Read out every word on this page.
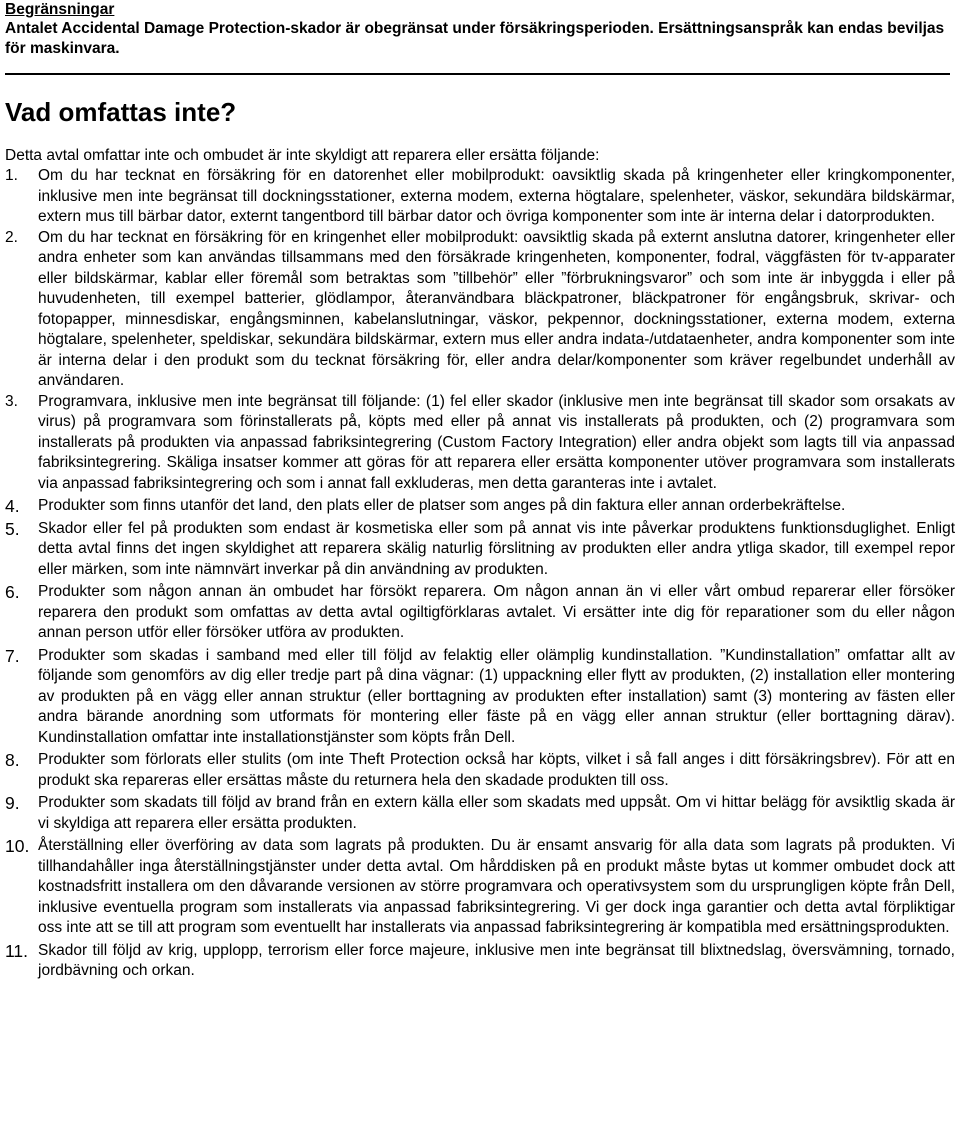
Begränsningar
Antalet Accidental Damage Protection-skador är obegränsat under försäkringsperioden. Ersättningsanspråk kan endas beviljas för maskinvara.
Vad omfattas inte?
Detta avtal omfattar inte och ombudet är inte skyldigt att reparera eller ersätta följande:
1. Om du har tecknat en försäkring för en datorenhet eller mobilprodukt: oavsiktlig skada på kringenheter eller kringkomponenter, inklusive men inte begränsat till dockningsstationer, externa modem, externa högtalare, spelenheter, väskor, sekundära bildskärmar, extern mus till bärbar dator, externt tangentbord till bärbar dator och övriga komponenter som inte är interna delar i datorprodukten.
2. Om du har tecknat en försäkring för en kringenhet eller mobilprodukt: oavsiktlig skada på externt anslutna datorer, kringenheter eller andra enheter som kan användas tillsammans med den försäkrade kringenheten, komponenter, fodral, väggfästen för tv-apparater eller bildskärmar, kablar eller föremål som betraktas som ”tillbehör” eller ”förbrukningsvaror” och som inte är inbyggda i eller på huvudenheten, till exempel batterier, glödlampor, återanvändbara bläckpatroner, bläckpatroner för engångsbruk, skrivar- och fotopapper, minnesdiskar, engångsminnen, kabelanslutningar, väskor, pekpennor, dockningsstationer, externa modem, externa högtalare, spelenheter, speldiskar, sekundära bildskärmar, extern mus eller andra indata-/utdataenheter, andra komponenter som inte är interna delar i den produkt som du tecknat försäkring för, eller andra delar/komponenter som kräver regelbundet underhåll av användaren.
3. Programvara, inklusive men inte begränsat till följande: (1) fel eller skador (inklusive men inte begränsat till skador som orsakats av virus) på programvara som förinstallerats på, köpts med eller på annat vis installerats på produkten, och (2) programvara som installerats på produkten via anpassad fabriksintegrering (Custom Factory Integration) eller andra objekt som lagts till via anpassad fabriksintegrering. Skäliga insatser kommer att göras för att reparera eller ersätta komponenter utöver programvara som installerats via anpassad fabriksintegrering och som i annat fall exkluderas, men detta garanteras inte i avtalet.
4. Produkter som finns utanför det land, den plats eller de platser som anges på din faktura eller annan orderbekräftelse.
5. Skador eller fel på produkten som endast är kosmetiska eller som på annat vis inte påverkar produktens funktionsduglighet. Enligt detta avtal finns det ingen skyldighet att reparera skälig naturlig förslitning av produkten eller andra ytliga skador, till exempel repor eller märken, som inte nämnvärt inverkar på din användning av produkten.
6. Produkter som någon annan än ombudet har försökt reparera. Om någon annan än vi eller vårt ombud reparerar eller försöker reparera den produkt som omfattas av detta avtal ogiltigförklaras avtalet. Vi ersätter inte dig för reparationer som du eller någon annan person utför eller försöker utföra av produkten.
7. Produkter som skadas i samband med eller till följd av felaktig eller olämplig kundinstallation. ”Kundinstallation” omfattar allt av följande som genomförs av dig eller tredje part på dina vägnar: (1) uppackning eller flytt av produkten, (2) installation eller montering av produkten på en vägg eller annan struktur (eller borttagning av produkten efter installation) samt (3) montering av fästen eller andra bärande anordning som utformats för montering eller fäste på en vägg eller annan struktur (eller borttagning därav). Kundinstallation omfattar inte installationstjänster som köpts från Dell.
8. Produkter som förlorats eller stulits (om inte Theft Protection också har köpts, vilket i så fall anges i ditt försäkringsbrev). För att en produkt ska repareras eller ersättas måste du returnera hela den skadade produkten till oss.
9. Produkter som skadats till följd av brand från en extern källa eller som skadats med uppsåt. Om vi hittar belägg för avsiktlig skada är vi skyldiga att reparera eller ersätta produkten.
10. Återställning eller överföring av data som lagrats på produkten. Du är ensamt ansvarig för alla data som lagrats på produkten. Vi tillhandahåller inga återställningstjänster under detta avtal. Om hårddisken på en produkt måste bytas ut kommer ombudet dock att kostnadsfritt installera om den dåvarande versionen av större programvara och operativsystem som du ursprungligen köpte från Dell, inklusive eventuella program som installerats via anpassad fabriksintegrering. Vi ger dock inga garantier och detta avtal förpliktigar oss inte att se till att program som eventuellt har installerats via anpassad fabriksintegrering är kompatibla med ersättningsprodukten.
11. Skador till följd av krig, upplopp, terrorism eller force majeure, inklusive men inte begränsat till blixtnedslag, översvämning, tornado, jordbävning och orkan.
